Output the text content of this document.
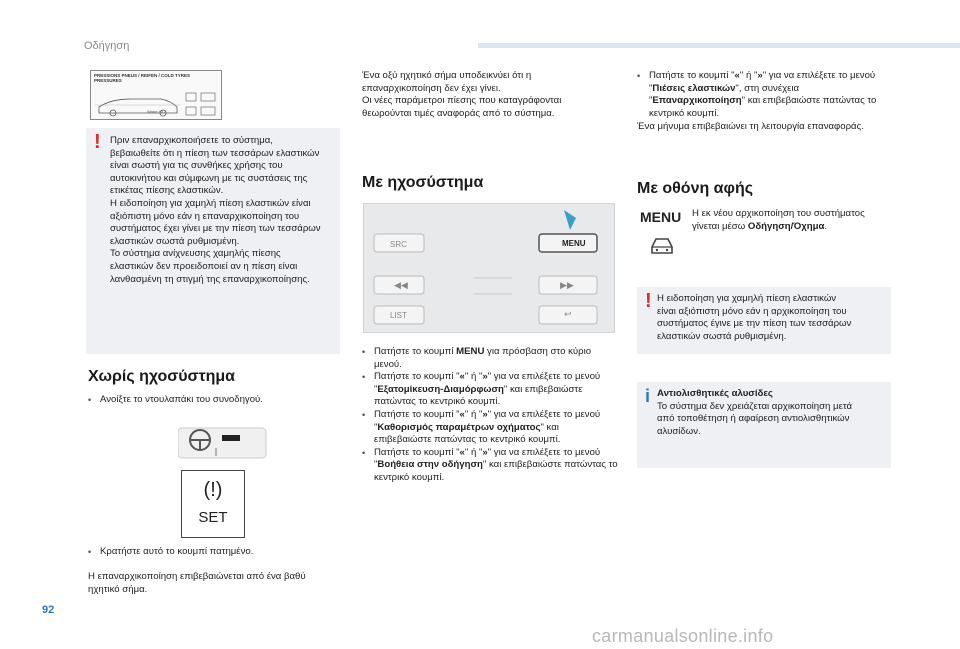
Οδήγηση
PRESSIONS PNEUS / REIFEN / COLD TYRES PRESSURES
Warm +0.3
! Πριν επαναρχικοποιήσετε το σύστημα,
βεβαιωθείτε ότι η πίεση των τεσσάρων ελαστικών
είναι σωστή για τις συνθήκες χρήσης του
αυτοκινήτου και σύμφωνη με τις συστάσεις της
ετικέτας πίεσης ελαστικών.
Η ειδοποίηση για χαμηλή πίεση ελαστικών είναι
αξιόπιστη μόνο εάν η επαναρχικοποίηση του
συστήματος έχει γίνει με την πίεση των τεσσάρων
ελαστικών σωστά ρυθμισμένη.
Το σύστημα ανίχνευσης χαμηλής πίεσης
ελαστικών δεν προειδοποιεί αν η πίεση είναι
λανθασμένη τη στιγμή της επαναρχικοποίησης.
Χωρίς ηχοσύστημα
• Ανοίξτε το ντουλαπάκι του συνοδηγού.
(!)
SET
• Κρατήστε αυτό το κουμπί πατημένο.
Η επαναρχικοποίηση επιβεβαιώνεται από ένα βαθύ
ηχητικό σήμα.
Ένα οξύ ηχητικό σήμα υποδεικνύει ότι η
επαναρχικοποίηση δεν έχει γίνει.
Οι νέες παράμετροι πίεσης που καταγράφονται
θεωρούνται τιμές αναφοράς από το σύστημα.
Με ηχοσύστημα
SRC	MENU
◀◀
LIST
▶▶
↩
• Πατήστε το κουμπί MENU για πρόσβαση στο κύριο μενού.
• Πατήστε το κουμπί "«" ή "»" για να επιλέξετε το μενού "Εξατομίκευση-Διαμόρφωση" και επιβεβαιώστε πατώντας το κεντρικό κουμπί.
• Πατήστε το κουμπί "«" ή "»" για να επιλέξετε το μενού "Καθορισμός παραμέτρων οχήματος" και επιβεβαιώστε πατώντας το κεντρικό κουμπί.
• Πατήστε το κουμπί "«" ή "»" για να επιλέξετε το μενού "Βοήθεια στην οδήγηση" και επιβεβαιώστε πατώντας το κεντρικό κουμπί.
• Πατήστε το κουμπί "«" ή "»" για να επιλέξετε το μενού "Πιέσεις ελαστικών", στη συνέχεια "Επαναρχικοποίηση" και επιβεβαιώστε πατώντας το κεντρικό κουμπί.
Ένα μήνυμα επιβεβαιώνει τη λειτουργία επαναφοράς.
Με οθόνη αφής
MENU Η εκ νέου αρχικοποίηση του συστήματος γίνεται μέσω Οδήγηση/Όχημα.
! Η ειδοποίηση για χαμηλή πίεση ελαστικών
είναι αξιόπιστη μόνο εάν η αρχικοποίηση του
συστήματος έγινε με την πίεση των τεσσάρων
ελαστικών σωστά ρυθμισμένη.
i Αντιολισθητικές αλυσίδες
Το σύστημα δεν χρειάζεται αρχικοποίηση μετά
από τοποθέτηση ή αφαίρεση αντιολισθητικών
αλυσίδων.
92
carmanualsonline.info
